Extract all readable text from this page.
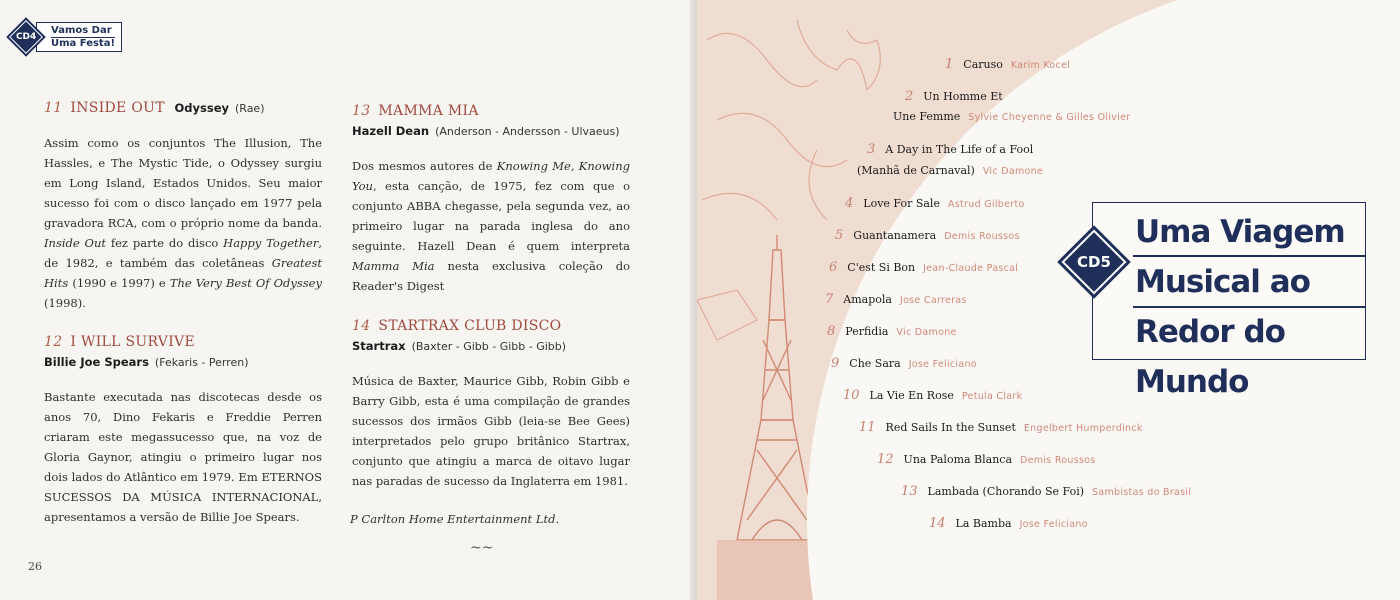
CD4
Vamos Dar
Uma Festa!
11 INSIDE OUT Odyssey (Rae)
Assim como os conjuntos The Illusion, The Hassles, e The Mystic Tide, o Odyssey surgiu em Long Island, Estados Unidos. Seu maior sucesso foi com o disco lançado em 1977 pela gravadora RCA, com o próprio nome da banda. Inside Out fez parte do disco Happy Together, de 1982, e também das coletâneas Greatest Hits (1990 e 1997) e The Very Best Of Odyssey (1998).
12 I WILL SURVIVE
Billie Joe Spears (Fekaris - Perren)
Bastante executada nas discotecas desde os anos 70, Dino Fekaris e Freddie Perren criaram este megassucesso que, na voz de Gloria Gaynor, atingiu o primeiro lugar nos dois lados do Atlântico em 1979. Em ETERNOS SUCESSOS DA MÚSICA INTERNACIONAL, apresentamos a versão de Billie Joe Spears.
13 MAMMA MIA
Hazell Dean (Anderson - Andersson - Ulvaeus)
Dos mesmos autores de Knowing Me, Knowing You, esta canção, de 1975, fez com que o conjunto ABBA chegasse, pela segunda vez, ao primeiro lugar na parada inglesa do ano seguinte. Hazell Dean é quem interpreta Mamma Mia nesta exclusiva coleção do Reader's Digest
14 STARTRAX CLUB DISCO
Startrax (Baxter - Gibb - Gibb - Gibb)
Música de Baxter, Maurice Gibb, Robin Gibb e Barry Gibb, esta é uma compilação de grandes sucessos dos irmãos Gibb (leia-se Bee Gees) interpretados pelo grupo britânico Startrax, conjunto que atingiu a marca de oitavo lugar nas paradas de sucesso da Inglaterra em 1981.
P Carlton Home Entertainment Ltd.
~~
26
1 Caruso Karim Kocel
2 Un Homme Et
Une Femme Sylvie Cheyenne & Gilles Olivier
3 A Day in The Life of a Fool
(Manhã de Carnaval) Vic Damone
4 Love For Sale Astrud Gilberto
5 Guantanamera Demis Roussos
6 C'est Si Bon Jean-Claude Pascal
7 Amapola Jose Carreras
8 Perfidia Vic Damone
9 Che Sara Jose Feliciano
10 La Vie En Rose Petula Clark
11 Red Sails In the Sunset Engelbert Humperdinck
12 Una Paloma Blanca Demis Roussos
13 Lambada (Chorando Se Foi) Sambistas do Brasil
14 La Bamba Jose Feliciano
Uma Viagem
Musical ao
Redor do Mundo
CD5
